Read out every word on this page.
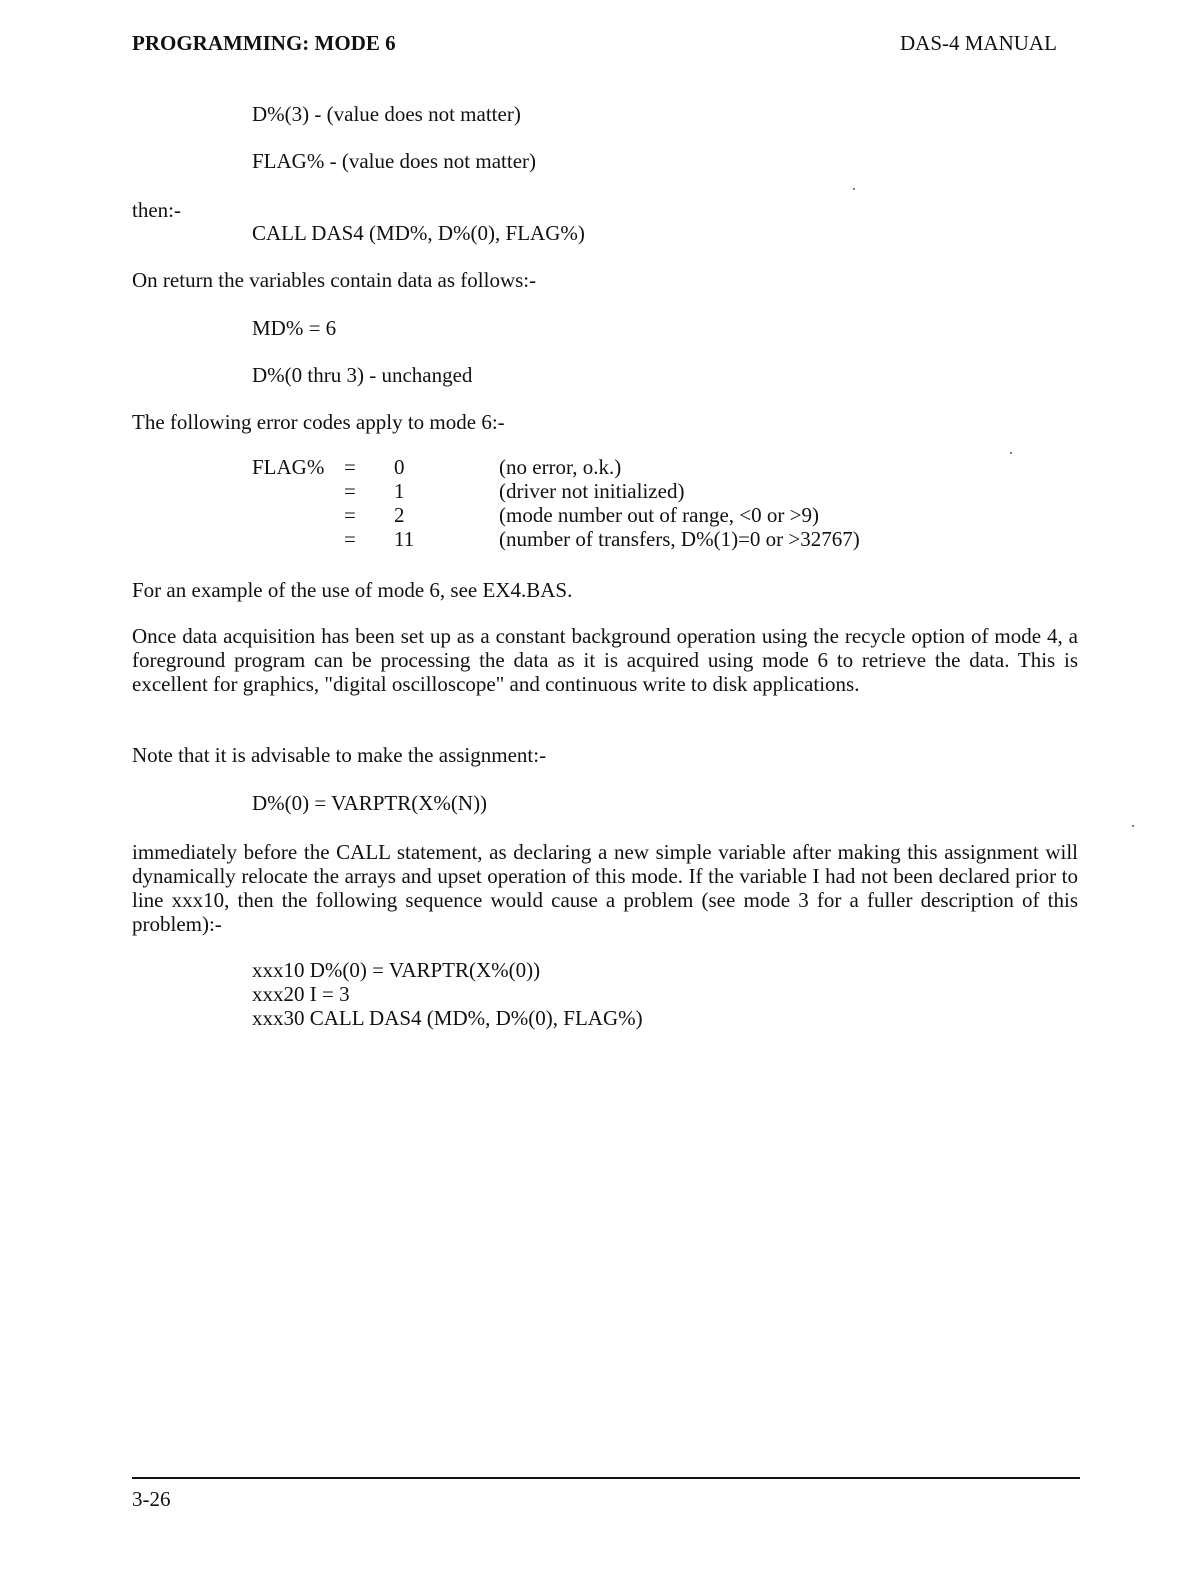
PROGRAMMING: MODE 6	DAS-4 MANUAL

D%(3) - (value does not matter)

FLAG% - (value does not matter)

then:-

CALL DAS4 (MD%, D%(0), FLAG%)

On return the variables contain data as follows:-

MD% = 6

D%(0 thru 3) - unchanged

The following error codes apply to mode 6:-

FLAG%	=	0	(no error, o.k.)
	=	1	(driver not initialized)
	=	2	(mode number out of range, <0 or >9)
	=	11	(number of transfers, D%(1)=0 or >32767)

For an example of the use of mode 6, see EX4.BAS.

Once data acquisition has been set up as a constant background operation using the recycle option of mode 4, a foreground program can be processing the data as it is acquired using mode 6 to retrieve the data. This is excellent for graphics, "digital oscilloscope" and continuous write to disk applications.

Note that it is advisable to make the assignment:-

D%(0) = VARPTR(X%(N))

immediately before the CALL statement, as declaring a new simple variable after making this assignment will dynamically relocate the arrays and upset operation of this mode. If the variable I had not been declared prior to line xxx10, then the following sequence would cause a problem (see mode 3 for a fuller description of this problem):-

xxx10 D%(0) = VARPTR(X%(0))
xxx20 I = 3
xxx30 CALL DAS4 (MD%, D%(0), FLAG%)
3-26
